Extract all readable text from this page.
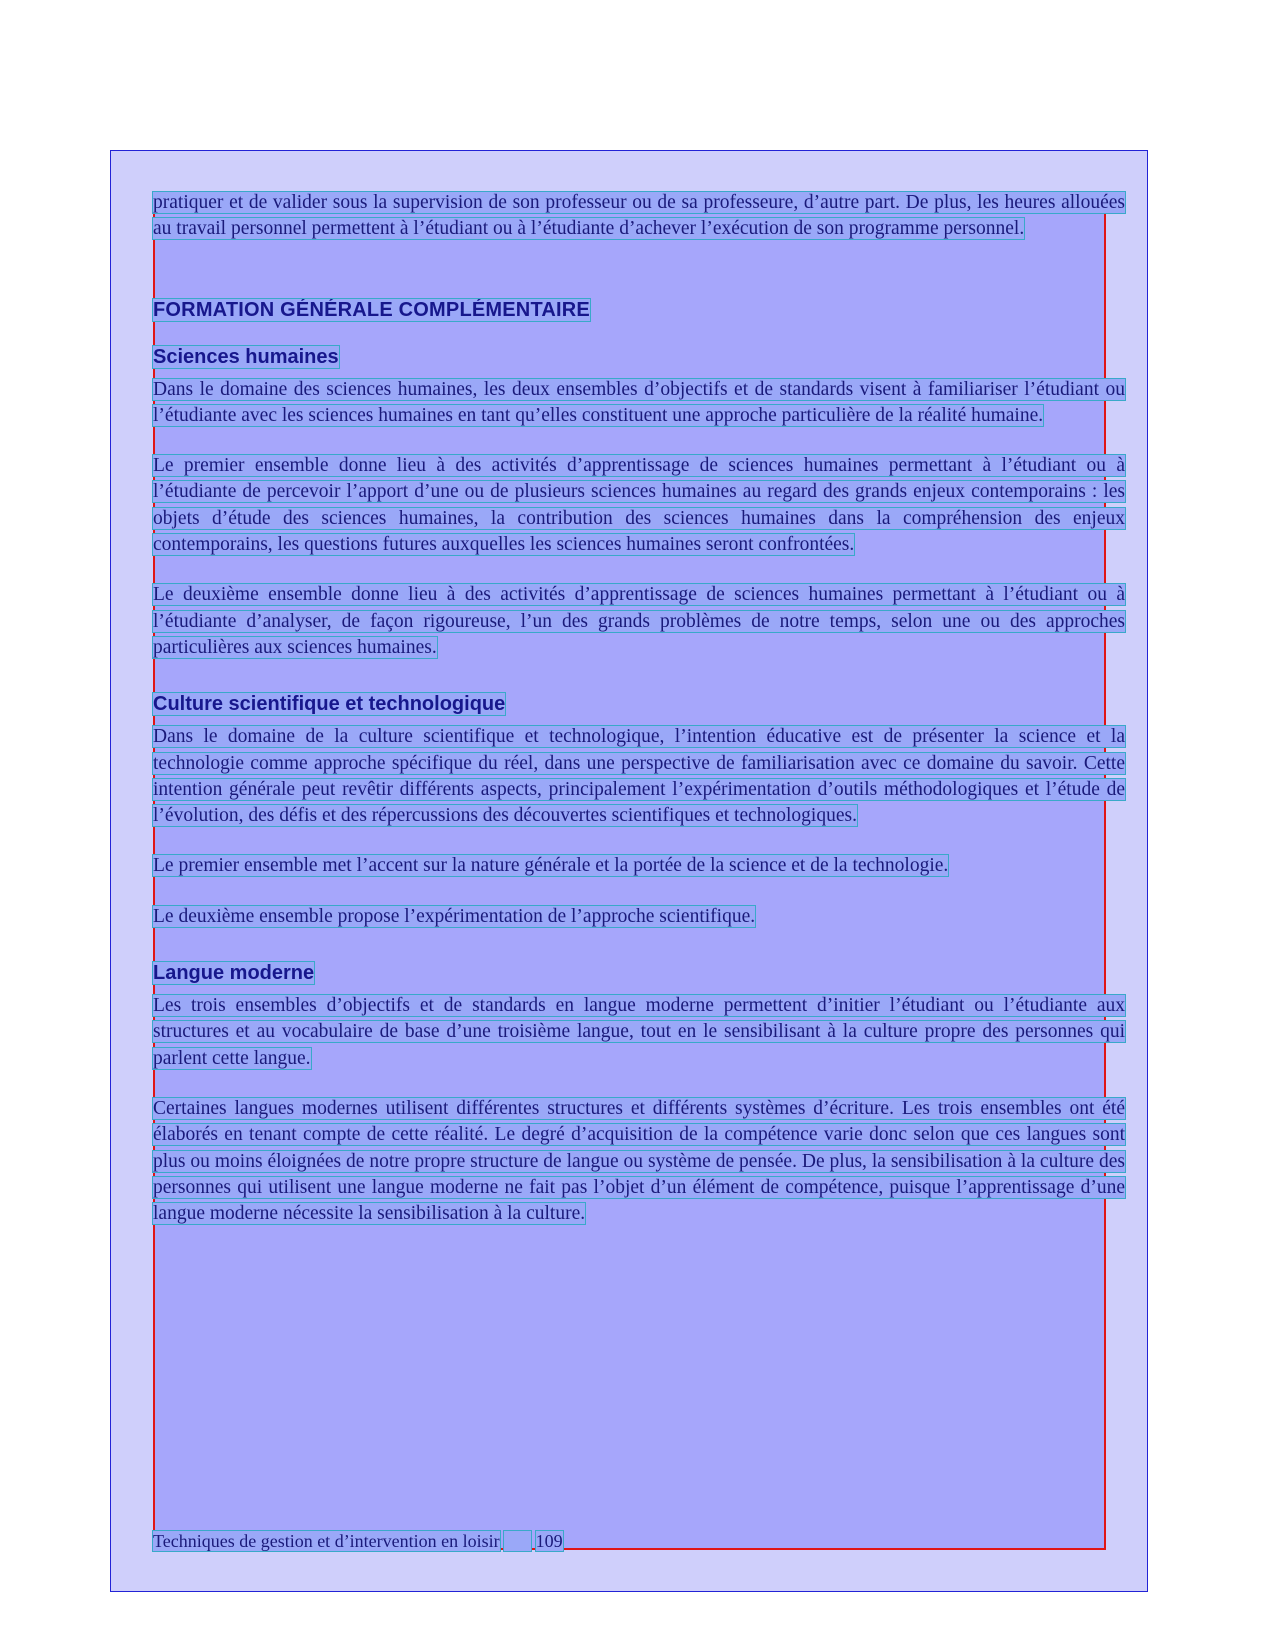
pratiquer et de valider sous la supervision de son professeur ou de sa professeure, d’autre part. De plus, les heures allouées au travail personnel permettent à l’étudiant ou à l’étudiante d’achever l’exécution de son programme personnel.

FORMATION GÉNÉRALE COMPLÉMENTAIRE
Sciences humaines

Dans le domaine des sciences humaines, les deux ensembles d’objectifs et de standards visent à familiariser l’étudiant ou l’étudiante avec les sciences humaines en tant qu’elles constituent une approche particulière de la réalité humaine.

Le premier ensemble donne lieu à des activités d’apprentissage de sciences humaines permettant à l’étudiant ou à l’étudiante de percevoir l’apport d’une ou de plusieurs sciences humaines au regard des grands enjeux contemporains : les objets d’étude des sciences humaines, la contribution des sciences humaines dans la compréhension des enjeux contemporains, les questions futures auxquelles les sciences humaines seront confrontées.

Le deuxième ensemble donne lieu à des activités d’apprentissage de sciences humaines permettant à l’étudiant ou à l’étudiante d’analyser, de façon rigoureuse, l’un des grands problèmes de notre temps, selon une ou des approches particulières aux sciences humaines.

Culture scientifique et technologique

Dans le domaine de la culture scientifique et technologique, l’intention éducative est de présenter la science et la technologie comme approche spécifique du réel, dans une perspective de familiarisation avec ce domaine du savoir. Cette intention générale peut revêtir différents aspects, principalement l’expérimentation d’outils méthodologiques et l’étude de l’évolution, des défis et des répercussions des découvertes scientifiques et technologiques.

Le premier ensemble met l’accent sur la nature générale et la portée de la science et de la technologie.

Le deuxième ensemble propose l’expérimentation de l’approche scientifique.

Langue moderne

Les trois ensembles d’objectifs et de standards en langue moderne permettent d’initier l’étudiant ou l’étudiante aux structures et au vocabulaire de base d’une troisième langue, tout en le sensibilisant à la culture propre des personnes qui parlent cette langue.

Certaines langues modernes utilisent différentes structures et différents systèmes d’écriture. Les trois ensembles ont été élaborés en tenant compte de cette réalité. Le degré d’acquisition de la compétence varie donc selon que ces langues sont plus ou moins éloignées de notre propre structure de langue ou système de pensée. De plus, la sensibilisation à la culture des personnes qui utilisent une langue moderne ne fait pas l’objet d’un élément de compétence, puisque l’apprentissage d’une langue moderne nécessite la sensibilisation à la culture.

Techniques de gestion et d’intervention en loisir 109
